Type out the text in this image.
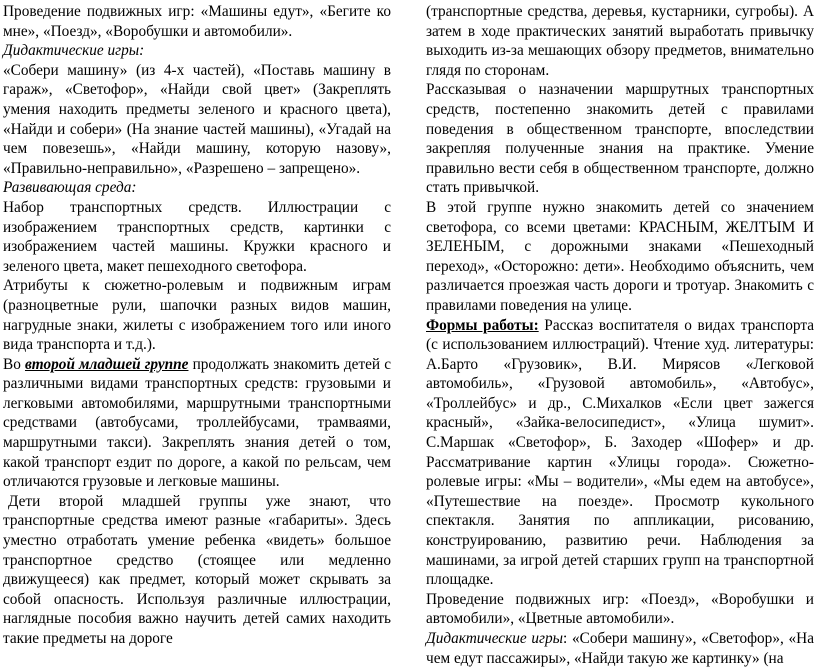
Проведение подвижных игр: «Машины едут», «Бегите ко мне», «Поезд», «Воробушки и автомобили».

Дидактические игры:

«Собери машину» (из 4-х частей), «Поставь машину в гараж», «Светофор», «Найди свой цвет» (Закреплять умения находить предметы зеленого и красного цвета), «Найди и собери» (На знание частей машины), «Угадай на чем повезешь», «Найди машину, которую назову», «Правильно-неправильно», «Разрешено – запрещено».

Развивающая среда:

Набор транспортных средств. Иллюстрации с изображением транспортных средств, картинки с изображением частей машины. Кружки красного и зеленого цвета, макет пешеходного светофора.

Атрибуты к сюжетно-ролевым и подвижным играм (разноцветные рули, шапочки разных видов машин, нагрудные знаки, жилеты с изображением того или иного вида транспорта и т.д.).

Во второй младшей группе продолжать знакомить детей с различными видами транспортных средств: грузовыми и легковыми автомобилями, маршрутными транспортными средствами (автобусами, троллейбусами, трамваями, маршрутными такси). Закреплять знания детей о том, какой транспорт ездит по дороге, а какой по рельсам, чем отличаются грузовые и легковые машины.

Дети второй младшей группы уже знают, что транспортные средства имеют разные «габариты». Здесь уместно отработать умение ребенка «видеть» большое транспортное средство (стоящее или медленно движущееся) как предмет, который может скрывать за собой опасность. Используя различные иллюстрации, наглядные пособия важно научить детей самих находить такие предметы на дороге

(транспортные средства, деревья, кустарники, сугробы). А затем в ходе практических занятий выработать привычку выходить из-за мешающих обзору предметов, внимательно глядя по сторонам.

Рассказывая о назначении маршрутных транспортных средств, постепенно знакомить детей с правилами поведения в общественном транспорте, впоследствии закрепляя полученные знания на практике. Умение правильно вести себя в общественном транспорте, должно стать привычкой.

В этой группе нужно знакомить детей со значением светофора, со всеми цветами: КРАСНЫМ, ЖЕЛТЫМ И ЗЕЛЕНЫМ, с дорожными знаками «Пешеходный переход», «Осторожно: дети». Необходимо объяснить, чем различается проезжая часть дороги и тротуар. Знакомить с правилами поведения на улице.

Формы работы: Рассказ воспитателя о видах транспорта (с использованием иллюстраций). Чтение худ. литературы: А.Барто «Грузовик», В.И. Мирясов «Легковой автомобиль», «Грузовой автомобиль», «Автобус», «Троллейбус» и др., С.Михалков «Если цвет зажегся красный», «Зайка-велосипедист», «Улица шумит». С.Маршак «Светофор», Б. Заходер «Шофер» и др. Рассматривание картин «Улицы города». Сюжетно-ролевые игры: «Мы – водители», «Мы едем на автобусе», «Путешествие на поезде». Просмотр кукольного спектакля. Занятия по аппликации, рисованию, конструированию, развитию речи. Наблюдения за машинами, за игрой детей старших групп на транспортной площадке.

Проведение подвижных игр: «Поезд», «Воробушки и автомобили», «Цветные автомобили».

Дидактические игры: «Собери машину», «Светофор», «На чем едут пассажиры», «Найди такую же картинку» (на
